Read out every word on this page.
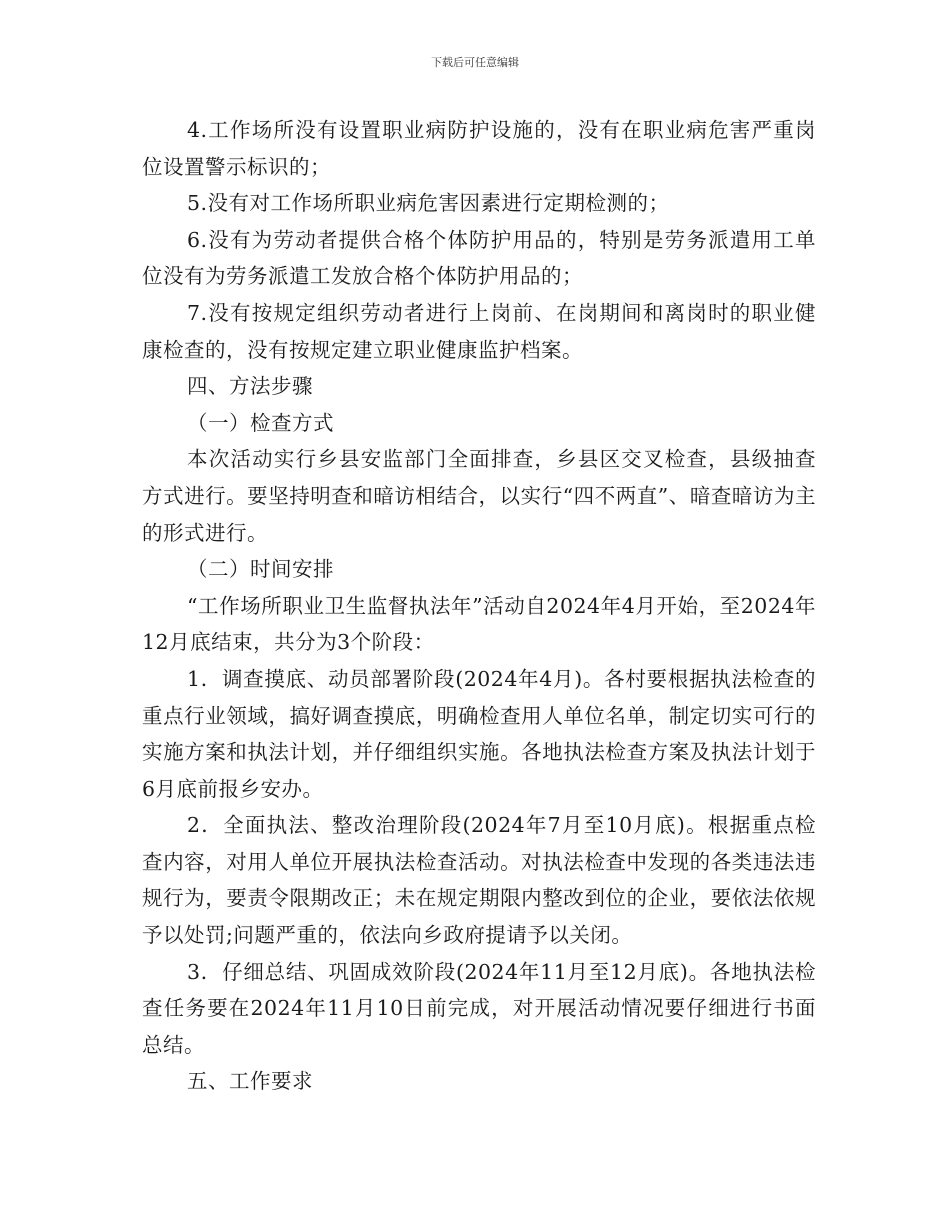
下载后可任意编辑

4.工作场所没有设置职业病防护设施的，没有在职业病危害严重岗位设置警示标识的；

5.没有对工作场所职业病危害因素进行定期检测的；

6.没有为劳动者提供合格个体防护用品的，特别是劳务派遣用工单位没有为劳务派遣工发放合格个体防护用品的；

7.没有按规定组织劳动者进行上岗前、在岗期间和离岗时的职业健康检查的，没有按规定建立职业健康监护档案。

四、方法步骤

（一）检查方式

本次活动实行乡县安监部门全面排查，乡县区交叉检查，县级抽查方式进行。要坚持明查和暗访相结合，以实行“四不两直”、暗查暗访为主的形式进行。

（二）时间安排

“工作场所职业卫生监督执法年”活动自2024年4月开始，至2024年12月底结束，共分为3个阶段：

1．调查摸底、动员部署阶段(2024年4月)。各村要根据执法检查的重点行业领域，搞好调查摸底，明确检查用人单位名单，制定切实可行的实施方案和执法计划，并仔细组织实施。各地执法检查方案及执法计划于6月底前报乡安办。

2．全面执法、整改治理阶段(2024年7月至10月底)。根据重点检查内容，对用人单位开展执法检查活动。对执法检查中发现的各类违法违规行为，要责令限期改正；未在规定期限内整改到位的企业，要依法依规予以处罚;问题严重的，依法向乡政府提请予以关闭。

3．仔细总结、巩固成效阶段(2024年11月至12月底)。各地执法检查任务要在2024年11月10日前完成，对开展活动情况要仔细进行书面总结。

五、工作要求
